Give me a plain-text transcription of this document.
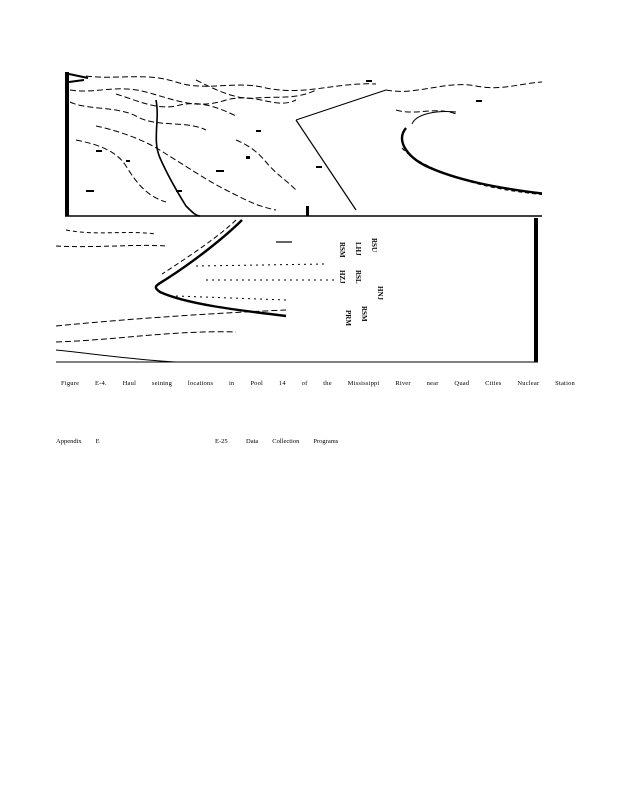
RSM
HZJ
LHJ
RSL
RSU
HNJ
PRM RSM
Figure E-4. Haul seining locations in Pool 14 of the Mississippi River near Quad Cities Nuclear Station
Appendix E	E-25	Data Collection Programs
